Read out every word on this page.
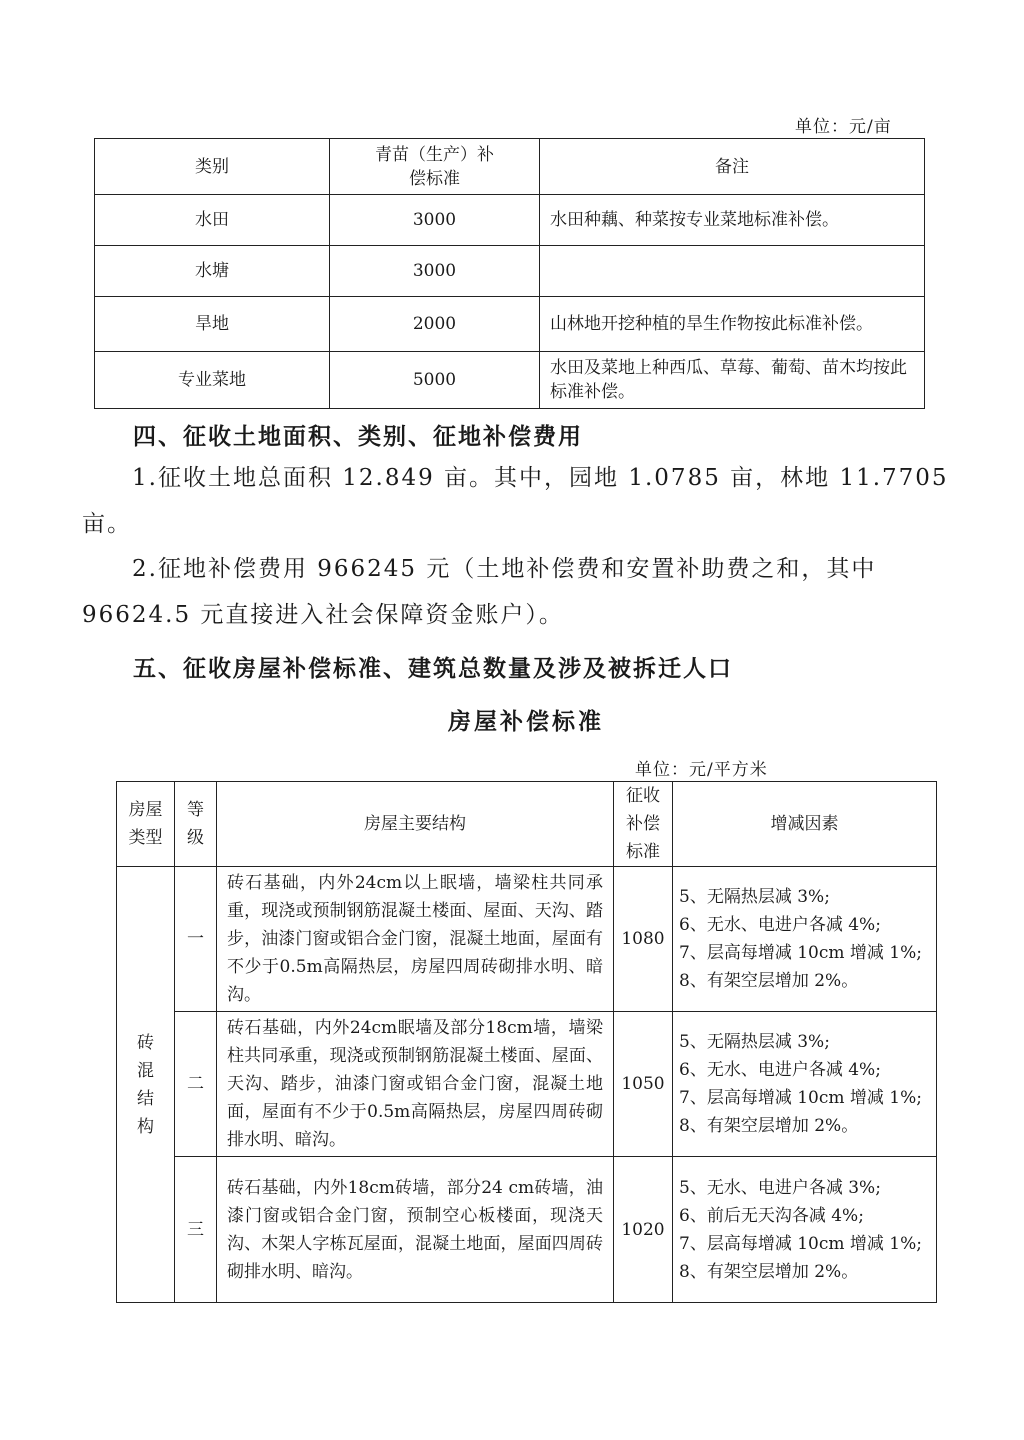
单位：元/亩
类别	青苗（生产）补偿标准	备注
水田	3000	水田种藕、种菜按专业菜地标准补偿。
水塘	3000	
旱地	2000	山林地开挖种植的旱生作物按此标准补偿。
专业菜地	5000	水田及菜地上种西瓜、草莓、葡萄、苗木均按此标准补偿。
四、征收土地面积、类别、征地补偿费用
1.征收土地总面积 12.849 亩。其中，园地 1.0785 亩，林地 11.7705 亩。
2.征地补偿费用 966245 元（土地补偿费和安置补助费之和，其中 96624.5 元直接进入社会保障资金账户）。
五、征收房屋补偿标准、建筑总数量及涉及被拆迁人口
房屋补偿标准
单位：元/平方米
房屋类型	等级	房屋主要结构	征收补偿标准	增减因素
砖混结构	一	砖石基础，内外24cm以上眠墙，墙梁柱共同承重，现浇或预制钢筋混凝土楼面、屋面、天沟、踏步，油漆门窗或铝合金门窗，混凝土地面，屋面有不少于0.5m高隔热层，房屋四周砖砌排水明、暗沟。	1080	5、无隔热层减 3%;
6、无水、电进户各减 4%;
7、层高每增减 10cm 增减 1%;
8、有架空层增加 2%。

	二	砖石基础，内外24cm眠墙及部分18cm墙，墙梁柱共同承重，现浇或预制钢筋混凝土楼面、屋面、天沟、踏步，油漆门窗或铝合金门窗，混凝土地面，屋面有不少于0.5m高隔热层，房屋四周砖砌排水明、暗沟。	1050	5、无隔热层减 3%;
6、无水、电进户各减 4%;
7、层高每增减 10cm 增减 1%;
8、有架空层增加 2%。

	三	砖石基础，内外18cm砖墙，部分24 cm砖墙，油漆门窗或铝合金门窗，预制空心板楼面，现浇天沟、木架人字栋瓦屋面，混凝土地面，屋面四周砖砌排水明、暗沟。	1020	5、无水、电进户各减 3%;
6、前后无天沟各减 4%;
7、层高每增减 10cm 增减 1%;
8、有架空层增加 2%。
